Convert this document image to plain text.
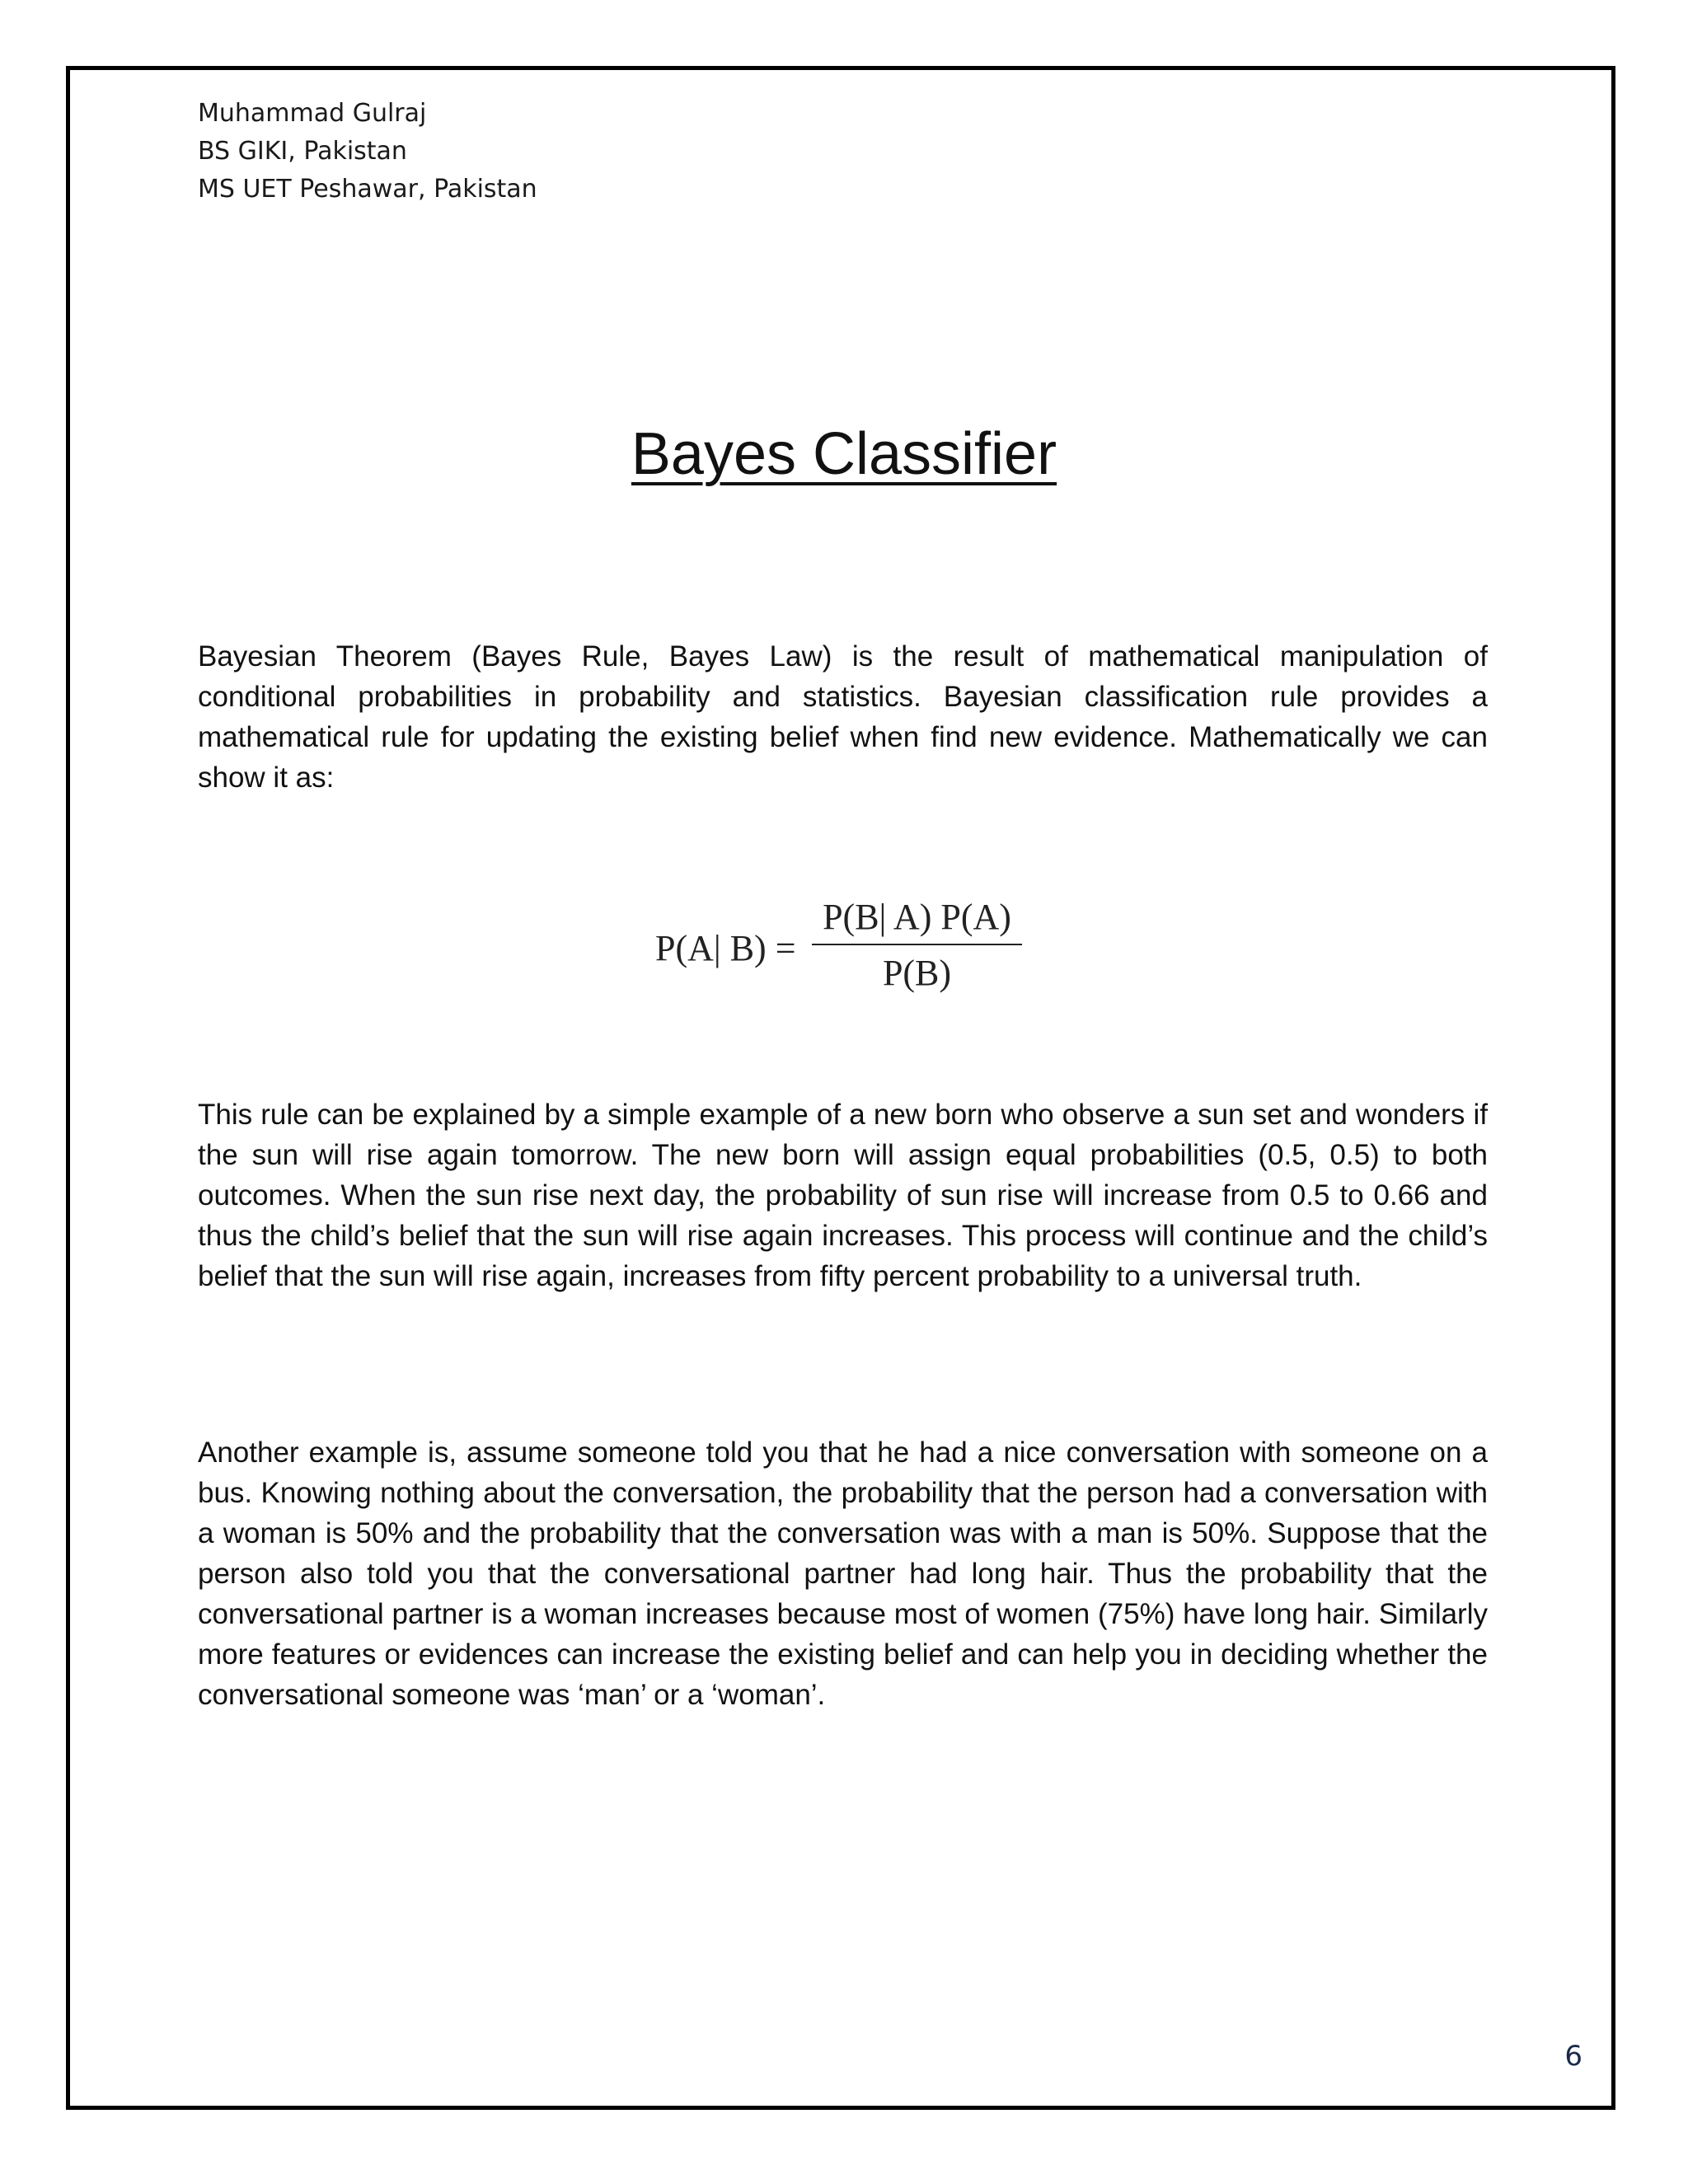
Muhammad Gulraj
BS GIKI, Pakistan
MS UET Peshawar, Pakistan
Bayes Classifier

Bayesian Theorem (Bayes Rule, Bayes Law) is the result of mathematical manipulation of conditional probabilities in probability and statistics. Bayesian classification rule provides a mathematical rule for updating the existing belief when find new evidence. Mathematically we can show it as:

P(A| B) =
P(B| A) P(A)
P(B)

This rule can be explained by a simple example of a new born who observe a sun set and wonders if the sun will rise again tomorrow. The new born will assign equal probabilities (0.5, 0.5) to both outcomes. When the sun rise next day, the probability of sun rise will increase from 0.5 to 0.66 and thus the child’s belief that the sun will rise again increases. This process will continue and the child’s belief that the sun will rise again, increases from fifty percent probability to a universal truth.

Another example is, assume someone told you that he had a nice conversation with someone on a bus. Knowing nothing about the conversation, the probability that the person had a conversation with a woman is 50% and the probability that the conversation was with a man is 50%. Suppose that the person also told you that the conversational partner had long hair. Thus the probability that the conversational partner is a woman increases because most of women (75%) have long hair. Similarly more features or evidences can increase the existing belief and can help you in deciding whether the conversational someone was ‘man’ or a ‘woman’.

6
